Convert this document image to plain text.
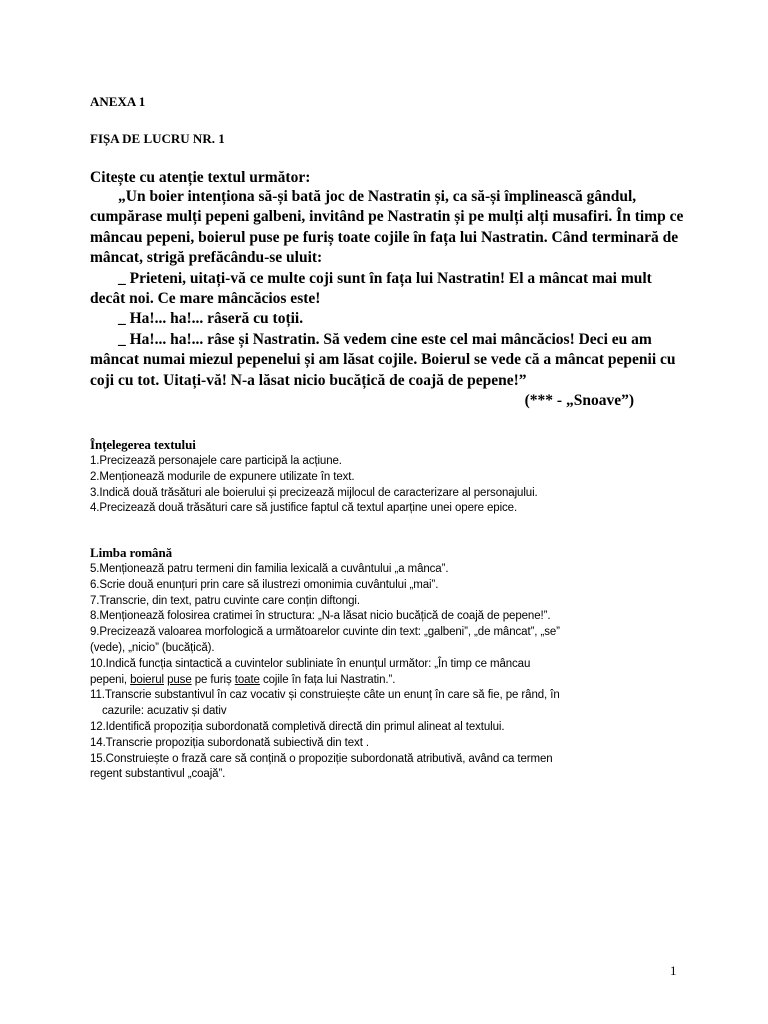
ANEXA 1
FIȘA DE LUCRU NR. 1
Citește cu atenție textul următor:

„Un boier intenționa să-și bată joc de Nastratin și, ca să-și împlinească gândul, cumpărase mulți pepeni galbeni, invitând pe Nastratin și pe mulți alți musafiri. În timp ce mâncau pepeni, boierul puse pe furiș toate cojile în fața lui Nastratin. Când terminară de mâncat, strigă prefăcându-se uluit:

_ Prieteni, uitați-vă ce multe coji sunt în fața lui Nastratin! El a mâncat mai mult decât noi. Ce mare mâncăcios este!

_ Ha!... ha!... râseră cu toții.

_ Ha!... ha!... râse și Nastratin. Să vedem cine este cel mai mâncăcios! Deci eu am mâncat numai miezul pepenelui și am lăsat cojile. Boierul se vede că a mâncat pepenii cu coji cu tot. Uitați-vă! N-a lăsat nicio bucățică de coajă de pepene!”

(*** - „Snoave”)

Înțelegerea textului
1.Precizează personajele care participă la acțiune.
2.Menționează modurile de expunere utilizate în text.
3.Indică două trăsături ale boierului și precizează mijlocul de caracterizare al personajului.
4.Precizează două trăsături care să justifice faptul că textul aparține unei opere epice.
Limba română
5.Menționează patru termeni din familia lexicală a cuvântului „a mânca”.
6.Scrie două enunțuri prin care să ilustrezi omonimia cuvântului „mai”.
7.Transcrie, din text, patru cuvinte care conțin diftongi.
8.Menționează folosirea cratimei în structura: „N-a lăsat nicio bucățică de coajă de pepene!”.
9.Precizează valoarea morfologică a următoarelor cuvinte din text: „galbeni”, „de mâncat”, „se”
(vede), „nicio” (bucățică).
10.Indică funcția sintactică a cuvintelor subliniate în enunțul următor: „În timp ce mâncau
pepeni, boierul puse pe furiș toate cojile în fața lui Nastratin.”.
11.Transcrie substantivul în caz vocativ și construiește câte un enunț în care să fie, pe rând, în
cazurile: acuzativ și dativ
12.Identifică propoziția subordonată completivă directă din primul alineat al textului.
14.Transcrie propoziția subordonată subiectivă din text .
15.Construiește o frază care să conțină o propoziție subordonată atributivă, având ca termen
regent substantivul „coajă”.
1
